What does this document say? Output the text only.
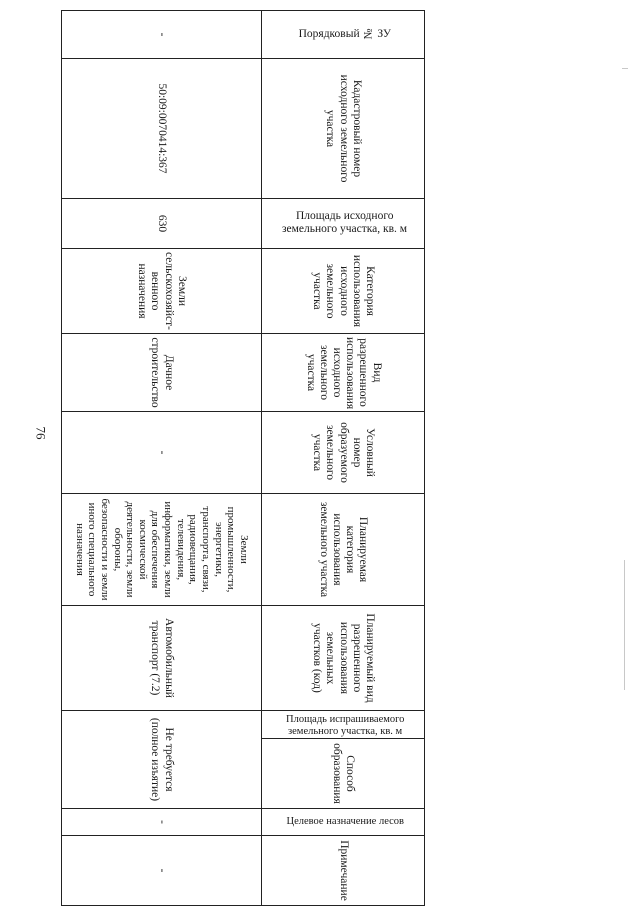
76
Порядковый № ЗУ	Кадастровый номер исходного земельного участка	Площадь исходного земельного участка, кв. м	Категория использования исходного земельного участка	Вид разрешенного использования исходного земельного участка	Условный номер образуемого земельного участка	Планируемая категория использования земельного участка	Планируемый вид разрешенного использования земельных участков (код)	Площадь испрашиваемого земельного участка, кв. м	Способ образования	Целевое назначение лесов	Примечание
-	50:09:0070414:367	630	Земли сельскохозяйст-венного назначения	Дачное строительство	-	Земли промышленности, энергетики, транспорта, связи, радиовещания, телевидения, информатики, земли для обеспечения космической деятельности, земли обороны, безопасности и земли иного специального назначения	Автомобильный транспорт (7.2)	Не требуется (полное изъятие)		-	-
